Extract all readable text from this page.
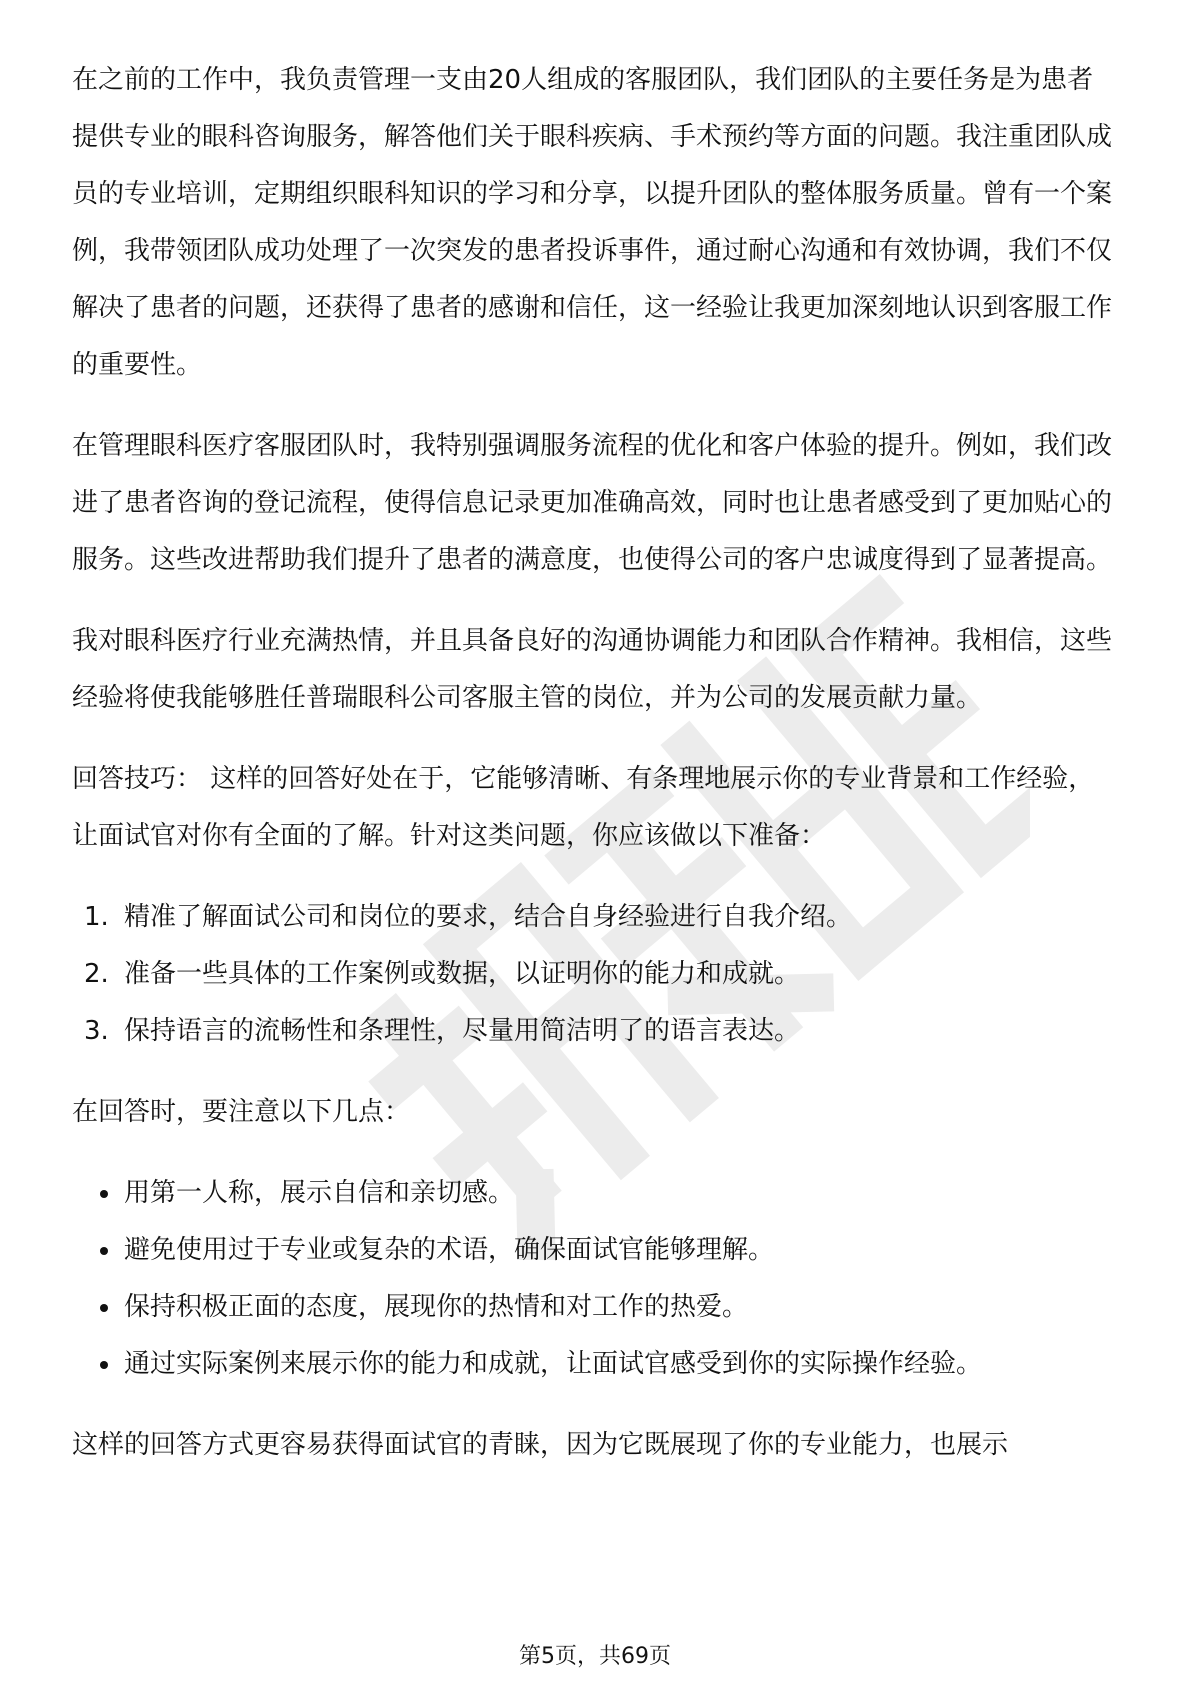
在之前的工作中，我负责管理一支由20人组成的客服团队，我们团队的主要任务是为患者提供专业的眼科咨询服务，解答他们关于眼科疾病、手术预约等方面的问题。我注重团队成员的专业培训，定期组织眼科知识的学习和分享，以提升团队的整体服务质量。曾有一个案例，我带领团队成功处理了一次突发的患者投诉事件，通过耐心沟通和有效协调，我们不仅解决了患者的问题，还获得了患者的感谢和信任，这一经验让我更加深刻地认识到客服工作的重要性。

在管理眼科医疗客服团队时，我特别强调服务流程的优化和客户体验的提升。例如，我们改进了患者咨询的登记流程，使得信息记录更加准确高效，同时也让患者感受到了更加贴心的服务。这些改进帮助我们提升了患者的满意度，也使得公司的客户忠诚度得到了显著提高。

我对眼科医疗行业充满热情，并且具备良好的沟通协调能力和团队合作精神。我相信，这些经验将使我能够胜任普瑞眼科公司客服主管的岗位，并为公司的发展贡献力量。

回答技巧： 这样的回答好处在于，它能够清晰、有条理地展示你的专业背景和工作经验，让面试官对你有全面的了解。针对这类问题，你应该做以下准备：

1. 精准了解面试公司和岗位的要求，结合自身经验进行自我介绍。
2. 准备一些具体的工作案例或数据，以证明你的能力和成就。
3. 保持语言的流畅性和条理性，尽量用简洁明了的语言表达。

在回答时，要注意以下几点：

用第一人称，展示自信和亲切感。
避免使用过于专业或复杂的术语，确保面试官能够理解。
保持积极正面的态度，展现你的热情和对工作的热爱。
通过实际案例来展示你的能力和成就，让面试官感受到你的实际操作经验。

这样的回答方式更容易获得面试官的青睐，因为它既展现了你的专业能力，也展示

第5页，共69页
